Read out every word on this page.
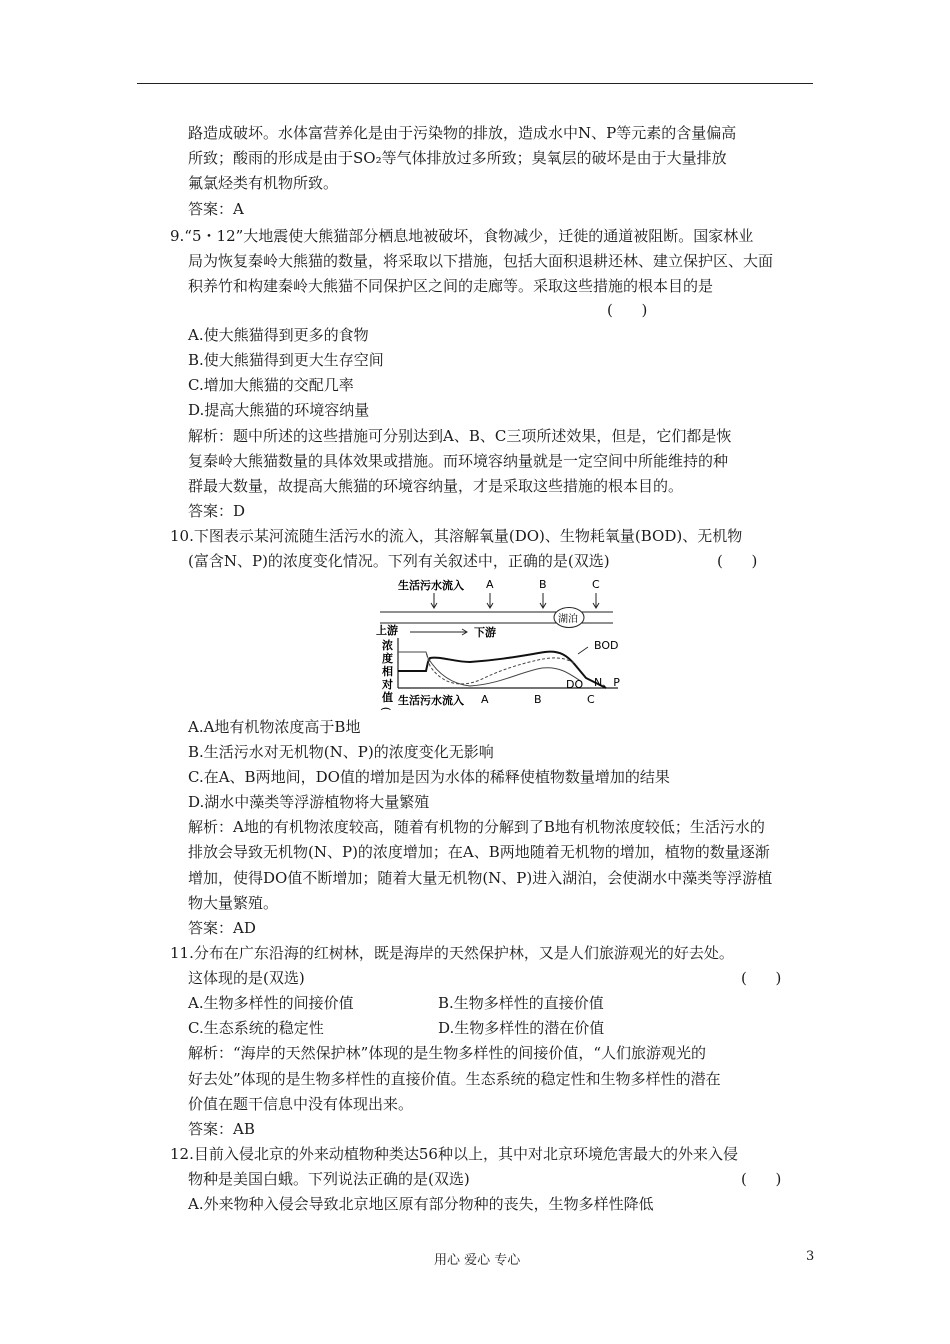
路造成破坏。水体富营养化是由于污染物的排放，造成水中N、P等元素的含量偏高
所致；酸雨的形成是由于SO₂等气体排放过多所致；臭氧层的破坏是由于大量排放
氟氯烃类有机物所致。
答案：A
9.“5・12”大地震使大熊猫部分栖息地被破坏，食物减少，迁徙的通道被阻断。国家林业
局为恢复秦岭大熊猫的数量，将采取以下措施，包括大面积退耕还林、建立保护区、大面
积养竹和构建秦岭大熊猫不同保护区之间的走廊等。采取这些措施的根本目的是
(      )
A.使大熊猫得到更多的食物
B.使大熊猫得到更大生存空间
C.增加大熊猫的交配几率
D.提高大熊猫的环境容纳量
解析：题中所述的这些措施可分别达到A、B、C三项所述效果，但是，它们都是恢
复秦岭大熊猫数量的具体效果或措施。而环境容纳量就是一定空间中所能维持的种
群最大数量，故提高大熊猫的环境容纳量，才是采取这些措施的根本目的。
答案：D
10.下图表示某河流随生活污水的流入，其溶解氧量(DO)、生物耗氧量(BOD)、无机物
(富含N、P)的浓度变化情况。下列有关叙述中，正确的是(双选)	(      )
生活污水流入 A	B	C
湖泊
上游	下游
浓
度
相
对
值
)
BOD
DO N、P
生活污水流入 A	B	C
A.A地有机物浓度高于B地
B.生活污水对无机物(N、P)的浓度变化无影响
C.在A、B两地间，DO值的增加是因为水体的稀释使植物数量增加的结果
D.湖水中藻类等浮游植物将大量繁殖
解析：A地的有机物浓度较高，随着有机物的分解到了B地有机物浓度较低；生活污水的
排放会导致无机物(N、P)的浓度增加；在A、B两地随着无机物的增加，植物的数量逐渐
增加，使得DO值不断增加；随着大量无机物(N、P)进入湖泊，会使湖水中藻类等浮游植
物大量繁殖。
答案：AD
11.分布在广东沿海的红树林，既是海岸的天然保护林，又是人们旅游观光的好去处。
这体现的是(双选)	(      )
A.生物多样性的间接价值	B.生物多样性的直接价值
C.生态系统的稳定性	D.生物多样性的潜在价值
解析：“海岸的天然保护林”体现的是生物多样性的间接价值，“人们旅游观光的
好去处”体现的是生物多样性的直接价值。生态系统的稳定性和生物多样性的潜在
价值在题干信息中没有体现出来。
答案：AB
12.目前入侵北京的外来动植物种类达56种以上，其中对北京环境危害最大的外来入侵
物种是美国白蛾。下列说法正确的是(双选)	(      )
A.外来物种入侵会导致北京地区原有部分物种的丧失，生物多样性降低
用心 爱心 专心	3
